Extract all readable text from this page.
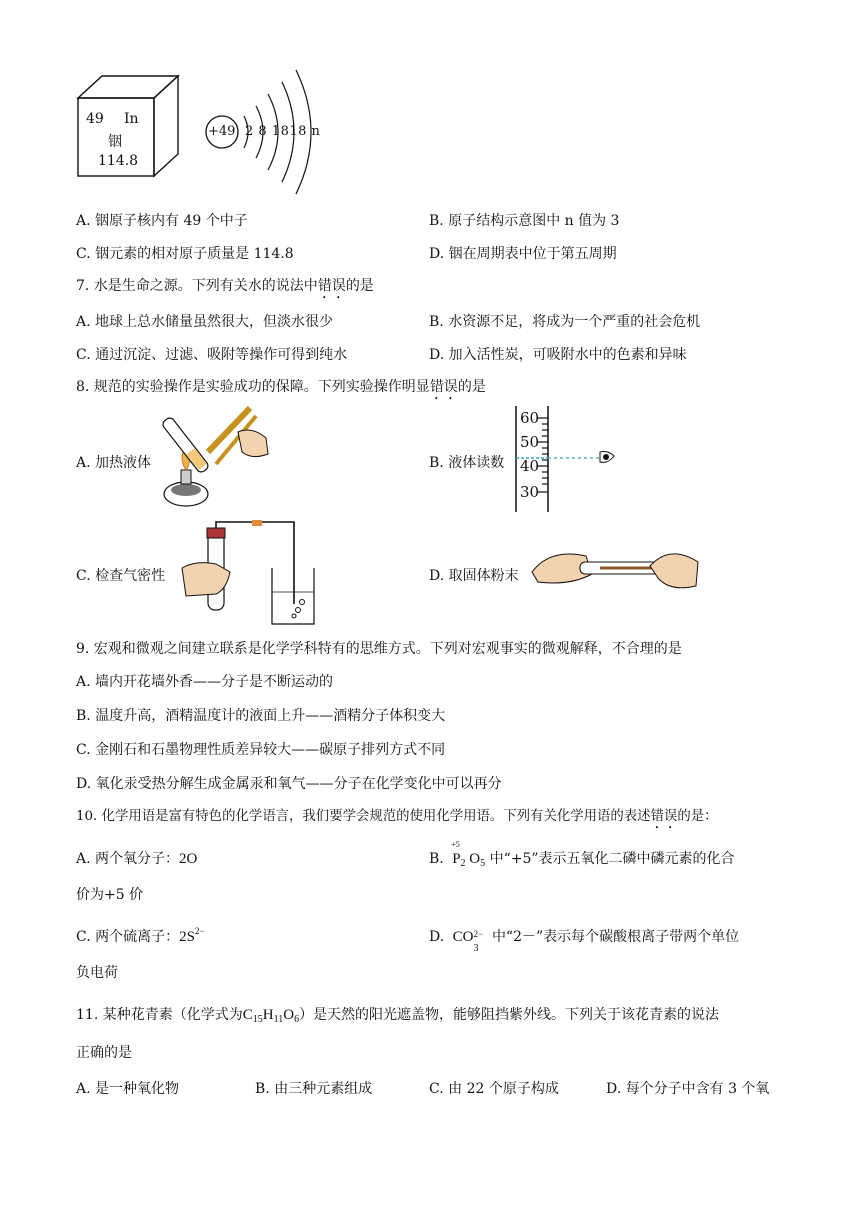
49 In
铟
114.8
+49 2 8 1818 n
A. 铟原子核内有 49 个中子	B. 原子结构示意图中 n 值为 3
C. 铟元素的相对原子质量是 114.8	D. 铟在周期表中位于第五周期
7. 水是生命之源。下列有关水的说法中错误的是
A. 地球上总水储量虽然很大，但淡水很少	B. 水资源不足，将成为一个严重的社会危机
C. 通过沉淀、过滤、吸附等操作可得到纯水	D. 加入活性炭，可吸附水中的色素和异味
8. 规范的实验操作是实验成功的保障。下列实验操作明显错误的是
A. 加热液体	B. 液体读数
60
50
40
30
C. 检查气密性	D. 取固体粉末
9. 宏观和微观之间建立联系是化学学科特有的思维方式。下列对宏观事实的微观解释，不合理的是
A. 墙内开花墙外香——分子是不断运动的
B. 温度升高，酒精温度计的液面上升——酒精分子体积变大
C. 金刚石和石墨物理性质差异较大——碳原子排列方式不同
D. 氧化汞受热分解生成金属汞和氧气——分子在化学变化中可以再分
10. 化学用语是富有特色的化学语言，我们要学会规范的使用化学用语。下列有关化学用语的表述错误的是：
A. 两个氧分子：2O	B.
+5
$P_2$ $O_5$ 中“+5”表示五氧化二磷中磷元素的化合
价为+5 价
C. 两个硫离子：$2S^{2-}$	D. CO 2−
3
中“2－”表示每个碳酸根离子带两个单位
负电荷
11. 某种花青素（化学式为$C_{15}H_{11}O_6$）是天然的阳光遮盖物，能够阻挡紫外线。下列关于该花青素的说法
正确的是
A. 是一种氧化物	B. 由三种元素组成	C. 由 22 个原子构成	D. 每个分子中含有 3 个氧
